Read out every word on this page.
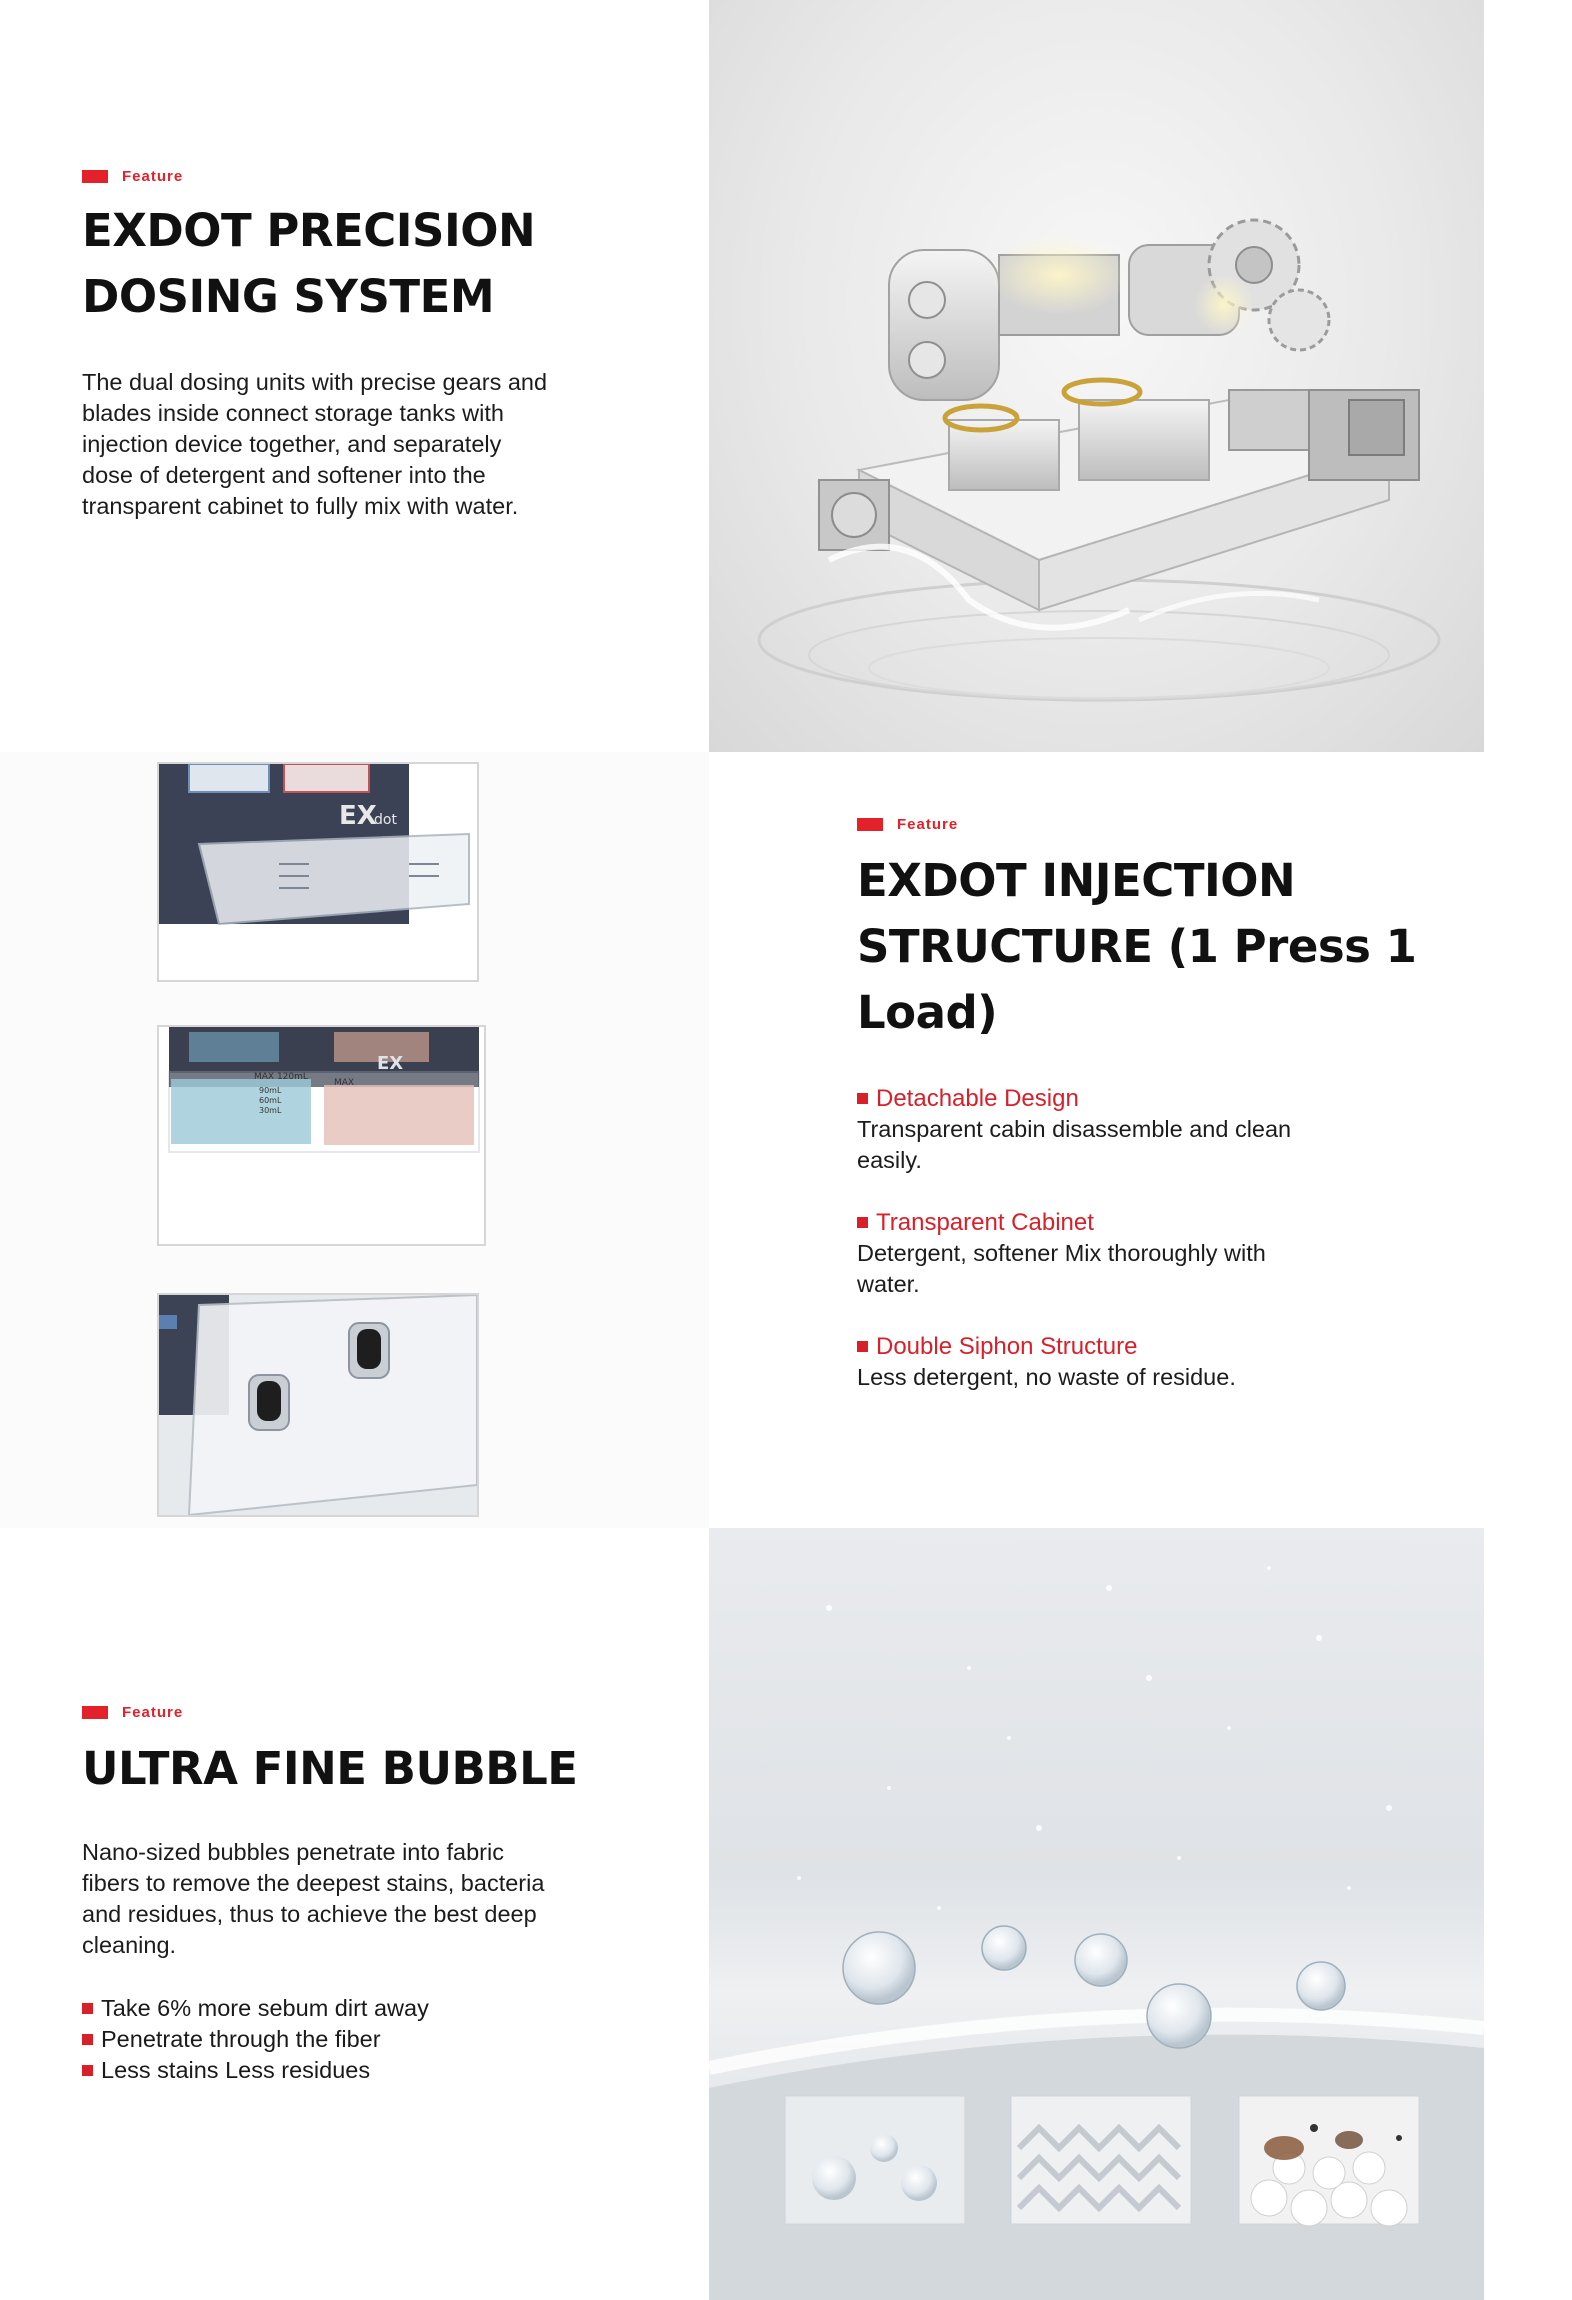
Feature

EXDOT PRECISION

DOSING SYSTEM

The dual dosing units with precise gears and

blades inside connect storage tanks with

injection device together, and separately

dose of detergent and softener into the

transparent cabinet to fully mix with water.

EX
dot
EX
MAX 120mL
MAX
90mL
60mL
30mL
Feature

EXDOT INJECTION

STRUCTURE (1 Press 1

Load)

Detachable Design

Transparent cabin disassemble and clean

easily.

Transparent Cabinet

Detergent, softener Mix thoroughly with

water.

Double Siphon Structure

Less detergent, no waste of residue.

Feature

ULTRA FINE BUBBLE

Nano-sized bubbles penetrate into fabric

fibers to remove the deepest stains, bacteria

and residues, thus to achieve the best deep

cleaning.

Take 6% more sebum dirt away
Penetrate through the fiber
Less stains Less residues
